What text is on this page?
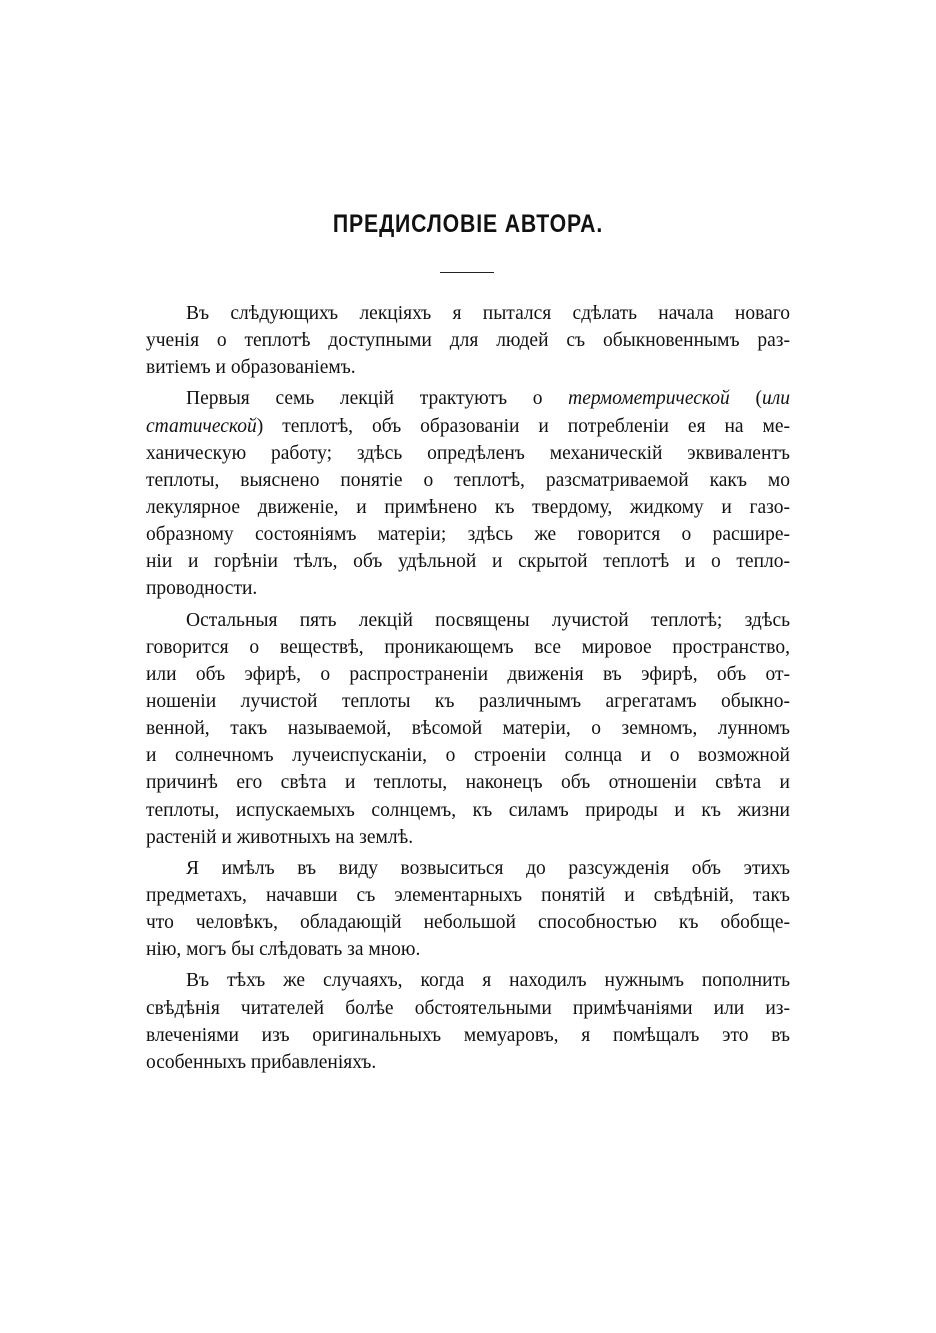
ПРЕДИСЛОВІЕ АВТОРА.
Въ слѣдующихъ лекціяхъ я пытался сдѣлать начала новаго
ученія о теплотѣ доступными для людей съ обыкновеннымъ раз-
витіемъ и образованіемъ.
Первыя семь лекцій трактуютъ о термометрической (или
статической) теплотѣ, объ образованіи и потребленіи ея на ме-
ханическую работу; здѣсь опредѣленъ механическій эквивалентъ
теплоты, выяснено понятіе о теплотѣ, разсматриваемой какъ мо
лекулярное движеніе, и примѣнено къ твердому, жидкому и газо-
образному состояніямъ матеріи; здѣсь же говорится о расшире-
ніи и горѣніи тѣлъ, объ удѣльной и скрытой теплотѣ и о тепло-
проводности.
Остальныя пять лекцій посвящены лучистой теплотѣ; здѣсь
говорится о веществѣ, проникающемъ все мировое пространство,
или объ эфирѣ, о распространеніи движенія въ эфирѣ, объ от-
ношеніи лучистой теплоты къ различнымъ агрегатамъ обыкно-
венной, такъ называемой, вѣсомой матеріи, о земномъ, лунномъ
и солнечномъ лучеиспусканіи, о строеніи солнца и о возможной
причинѣ его свѣта и теплоты, наконецъ объ отношеніи свѣта и
теплоты, испускаемыхъ солнцемъ, къ силамъ природы и къ жизни
растеній и животныхъ на землѣ.
Я имѣлъ въ виду возвыситься до разсужденія объ этихъ
предметахъ, начавши съ элементарныхъ понятій и свѣдѣній, такъ
что человѣкъ, обладающій небольшой способностью къ обобще-
нію, могъ бы слѣдовать за мною.
Въ тѣхъ же случаяхъ, когда я находилъ нужнымъ пополнить
свѣдѣнія читателей болѣе обстоятельными примѣчаніями или из-
влеченіями изъ оригинальныхъ мемуаровъ, я помѣщалъ это въ
особенныхъ прибавленіяхъ.
